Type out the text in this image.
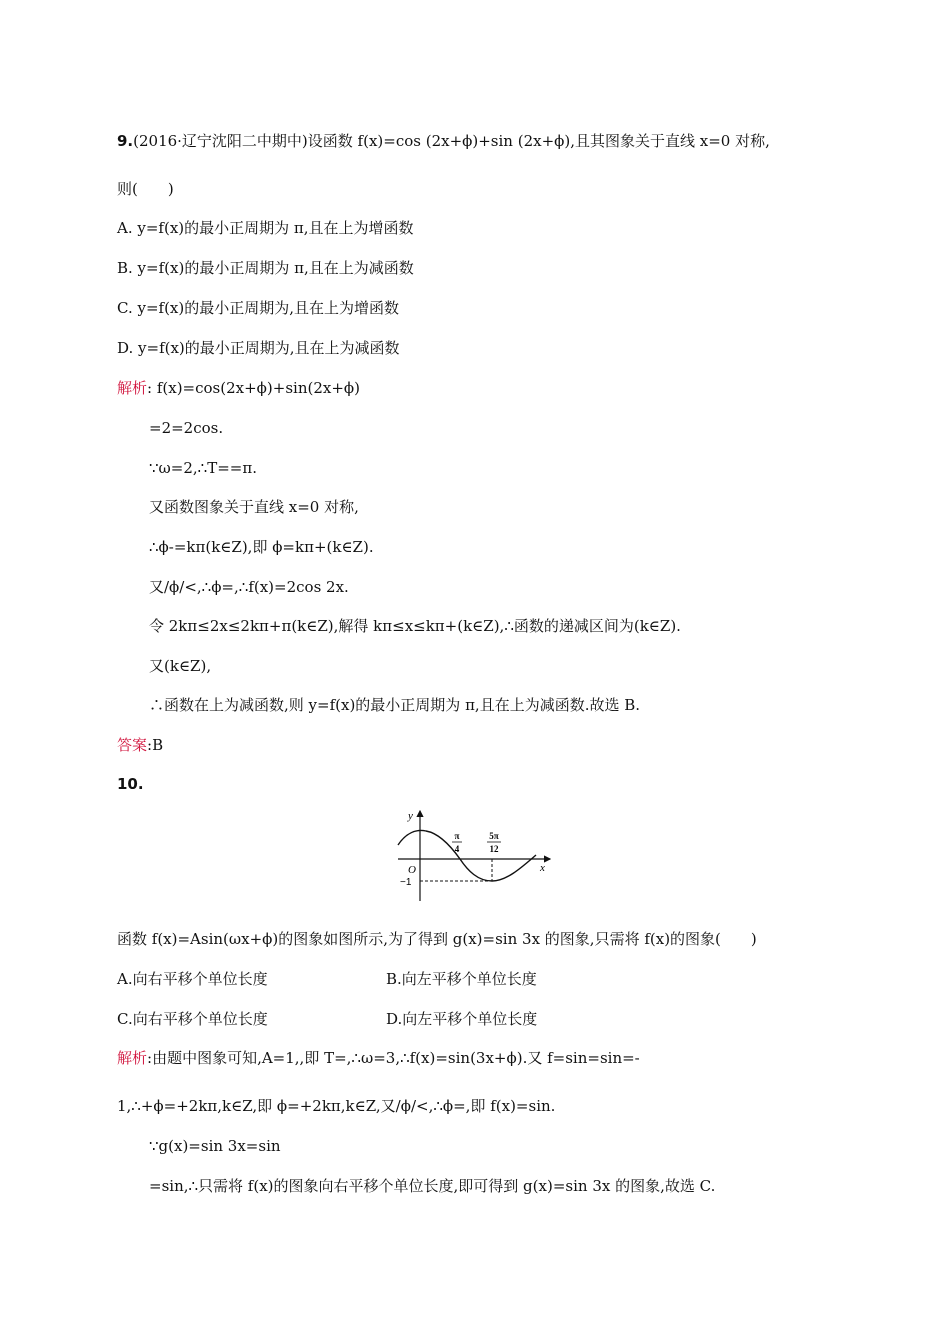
9.(2016·辽宁沈阳二中期中)设函数 f(x)=cos (2x+ϕ)+sin (2x+ϕ),且其图象关于直线 x=0 对称,
则(　　)
A. y=f(x)的最小正周期为 π,且在上为增函数
B. y=f(x)的最小正周期为 π,且在上为减函数
C. y=f(x)的最小正周期为,且在上为增函数
D. y=f(x)的最小正周期为,且在上为减函数
解析: f(x)=cos(2x+ϕ)+sin(2x+ϕ)
=2=2cos.
∵ω=2,∴T==π.
又函数图象关于直线 x=0 对称,
∴ϕ-=kπ(k∈Z),即 ϕ=kπ+(k∈Z).
又/ϕ/<,∴ϕ=,∴f(x)=2cos 2x.
令 2kπ≤2x≤2kπ+π(k∈Z),解得 kπ≤x≤kπ+(k∈Z),∴函数的递减区间为(k∈Z).
又(k∈Z),
∴函数在上为减函数,则 y=f(x)的最小正周期为 π,且在上为减函数.故选 B.
答案:B
10.
y
x
O
−1
π
4
5π
12
函数 f(x)=Asin(ωx+ϕ)的图象如图所示,为了得到 g(x)=sin 3x 的图象,只需将 f(x)的图象(　　)
A.向右平移个单位长度	B.向左平移个单位长度
C.向右平移个单位长度	D.向左平移个单位长度
解析:由题中图象可知,A=1,,即 T=,∴ω=3,∴f(x)=sin(3x+ϕ).又 f=sin=sin=-
1,∴+ϕ=+2kπ,k∈Z,即 ϕ=+2kπ,k∈Z,又/ϕ/<,∴ϕ=,即 f(x)=sin.
∵g(x)=sin 3x=sin
=sin,∴只需将 f(x)的图象向右平移个单位长度,即可得到 g(x)=sin 3x 的图象,故选 C.
